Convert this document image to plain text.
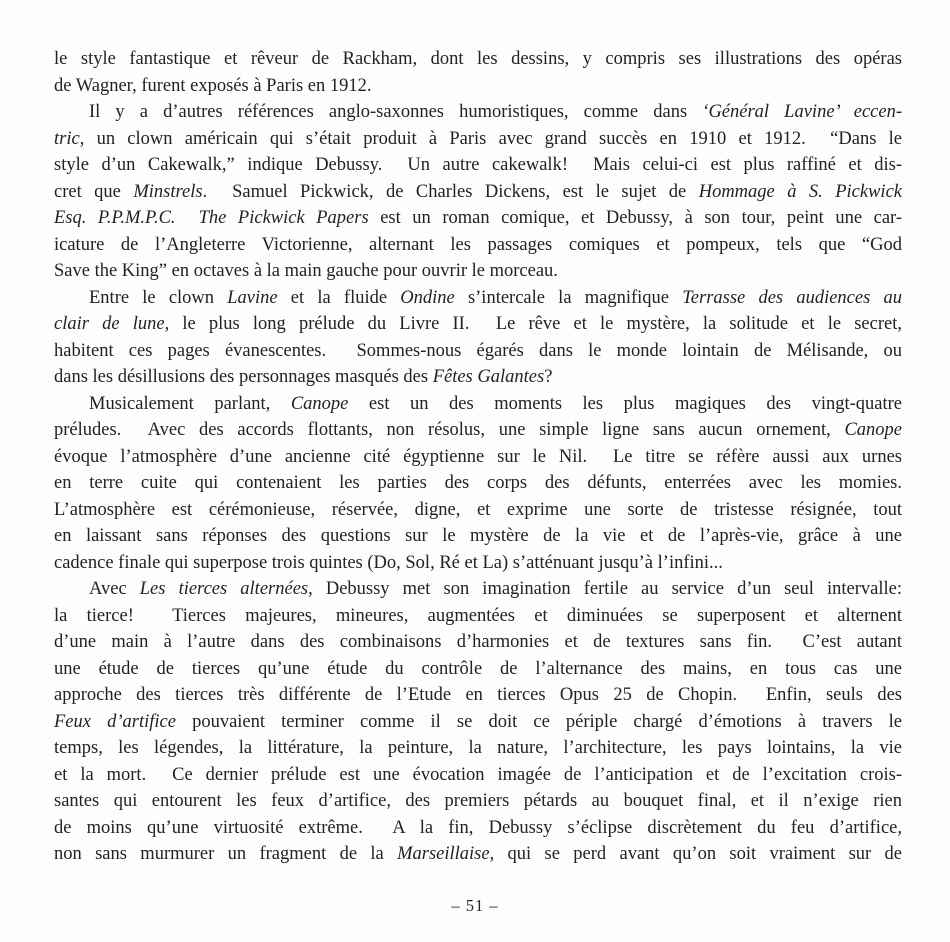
le style fantastique et rêveur de Rackham, dont les dessins, y compris ses illustrations des opéras
de Wagner, furent exposés à Paris en 1912.
Il y a d’autres références anglo-saxonnes humoristiques, comme dans ‘Général Lavine’ eccen-
tric, un clown américain qui s’était produit à Paris avec grand succès en 1910 et 1912.  “Dans le
style d’un Cakewalk,” indique Debussy.  Un autre cakewalk!  Mais celui-ci est plus raffiné et dis-
cret que Minstrels.  Samuel Pickwick, de Charles Dickens, est le sujet de Hommage à S. Pickwick
Esq. P.P.M.P.C.  The Pickwick Papers est un roman comique, et Debussy, à son tour, peint une car-
icature de l’Angleterre Victorienne, alternant les passages comiques et pompeux, tels que “God
Save the King” en octaves à la main gauche pour ouvrir le morceau.
Entre le clown Lavine et la fluide Ondine s’intercale la magnifique Terrasse des audiences au
clair de lune, le plus long prélude du Livre II.  Le rêve et le mystère, la solitude et le secret,
habitent ces pages évanescentes.  Sommes-nous égarés dans le monde lointain de Mélisande, ou
dans les désillusions des personnages masqués des Fêtes Galantes?
Musicalement parlant, Canope est un des moments les plus magiques des vingt-quatre
préludes.  Avec des accords flottants, non résolus, une simple ligne sans aucun ornement, Canope
évoque l’atmosphère d’une ancienne cité égyptienne sur le Nil.  Le titre se réfère aussi aux urnes
en terre cuite qui contenaient les parties des corps des défunts, enterrées avec les momies.
L’atmosphère est cérémonieuse, réservée, digne, et exprime une sorte de tristesse résignée, tout
en laissant sans réponses des questions sur le mystère de la vie et de l’après-vie, grâce à une
cadence finale qui superpose trois quintes (Do, Sol, Ré et La) s’atténuant jusqu’à l’infini...
Avec Les tierces alternées, Debussy met son imagination fertile au service d’un seul intervalle:
la tierce!  Tierces majeures, mineures, augmentées et diminuées se superposent et alternent
d’une main à l’autre dans des combinaisons d’harmonies et de textures sans fin.  C’est autant
une étude de tierces qu’une étude du contrôle de l’alternance des mains, en tous cas une
approche des tierces très différente de l’Etude en tierces Opus 25 de Chopin.  Enfin, seuls des
Feux d’artifice pouvaient terminer comme il se doit ce périple chargé d’émotions à travers le
temps, les légendes, la littérature, la peinture, la nature, l’architecture, les pays lointains, la vie
et la mort.  Ce dernier prélude est une évocation imagée de l’anticipation et de l’excitation crois-
santes qui entourent les feux d’artifice, des premiers pétards au bouquet final, et il n’exige rien
de moins qu’une virtuosité extrême.  A la fin, Debussy s’éclipse discrètement du feu d’artifice,
non sans murmurer un fragment de la Marseillaise, qui se perd avant qu’on soit vraiment sur de
– 51 –
